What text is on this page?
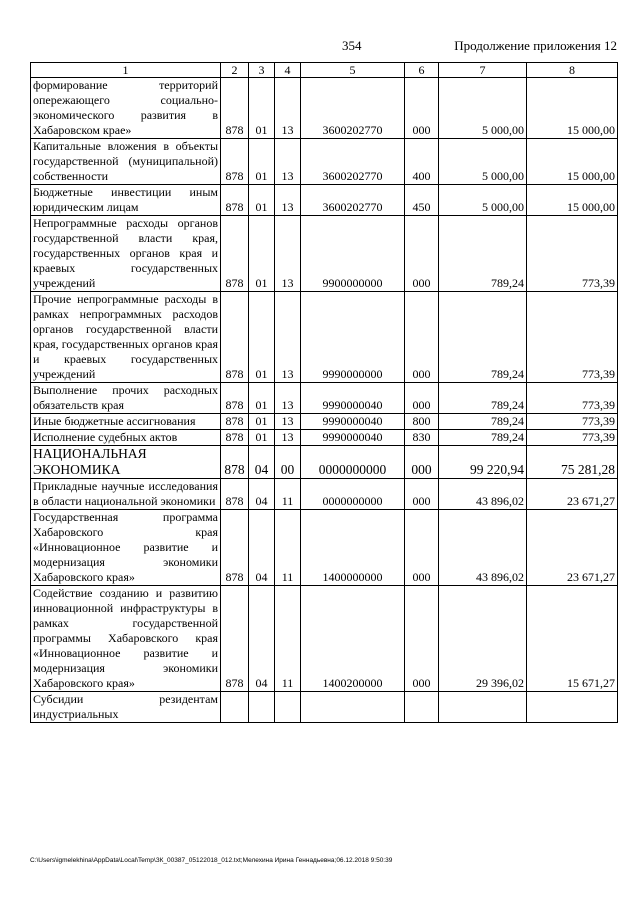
354	Продолжение приложения 12
1	2	3	4	5	6	7	8
формирование территорий опережающего социально-экономического развития в Хабаровском крае»	878	01	13	3600202770	000	5 000,00	15 000,00
Капитальные вложения в объекты государственной (муниципальной) собственности	878	01	13	3600202770	400	5 000,00	15 000,00
Бюджетные инвестиции иным юридическим лицам	878	01	13	3600202770	450	5 000,00	15 000,00
Непрограммные расходы органов государственной власти края, государственных органов края и краевых государственных учреждений	878	01	13	9900000000	000	789,24	773,39
Прочие непрограммные расходы в рамках непрограммных расходов органов государственной власти края, государственных органов края и краевых государственных учреждений	878	01	13	9990000000	000	789,24	773,39
Выполнение прочих расходных обязательств края	878	01	13	9990000040	000	789,24	773,39
Иные бюджетные ассигнования	878	01	13	9990000040	800	789,24	773,39
Исполнение судебных актов	878	01	13	9990000040	830	789,24	773,39
НАЦИОНАЛЬНАЯ ЭКОНОМИКА	878	04	00	0000000000	000	99 220,94	75 281,28
Прикладные научные исследования в области национальной экономики	878	04	11	0000000000	000	43 896,02	23 671,27
Государственная программа Хабаровского края «Инновационное развитие и модернизация экономики Хабаровского края»	878	04	11	1400000000	000	43 896,02	23 671,27
Содействие созданию и развитию инновационной инфраструктуры в рамках государственной программы Хабаровского края «Инновационное развитие и модернизация экономики Хабаровского края»	878	04	11	1400200000	000	29 396,02	15 671,27
Субсидии резидентам индустриальных							
C:\Users\igmelekhina\AppData\Local\Temp\ЗК_00387_05122018_012.txt;Мелехина Ирина Геннадьевна;06.12.2018 9:50:39
